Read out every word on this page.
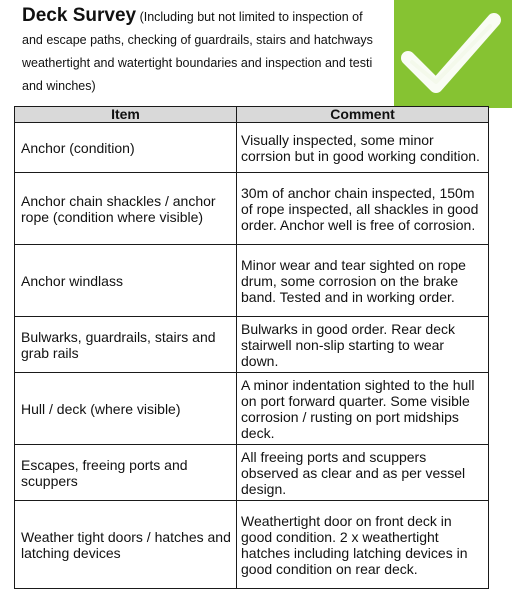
Deck Survey (Including but not limited to inspection of
and escape paths, checking of guardrails, stairs and hatchways
weathertight and watertight boundaries and inspection and testi
and winches)
Item	Comment
Anchor (condition)	Visually inspected, some minor corrsion but in good working condition.
Anchor chain shackles / anchor rope (condition where visible)	30m of anchor chain inspected, 150m of rope inspected, all shackles in good order. Anchor well is free of corrosion.
Anchor windlass	Minor wear and tear sighted on rope drum, some corrosion on the brake band. Tested and in working order.
Bulwarks, guardrails, stairs and grab rails	Bulwarks in good order. Rear deck stairwell non-slip starting to wear down.
Hull / deck (where visible)	A minor indentation sighted to the hull on port forward quarter. Some visible corrosion / rusting on port midships deck.
Escapes, freeing ports and scuppers	All freeing ports and scuppers observed as clear and as per vessel design.
Weather tight doors / hatches and latching devices	Weathertight door on front deck in good condition. 2 x weathertight hatches including latching devices in good condition on rear deck.
